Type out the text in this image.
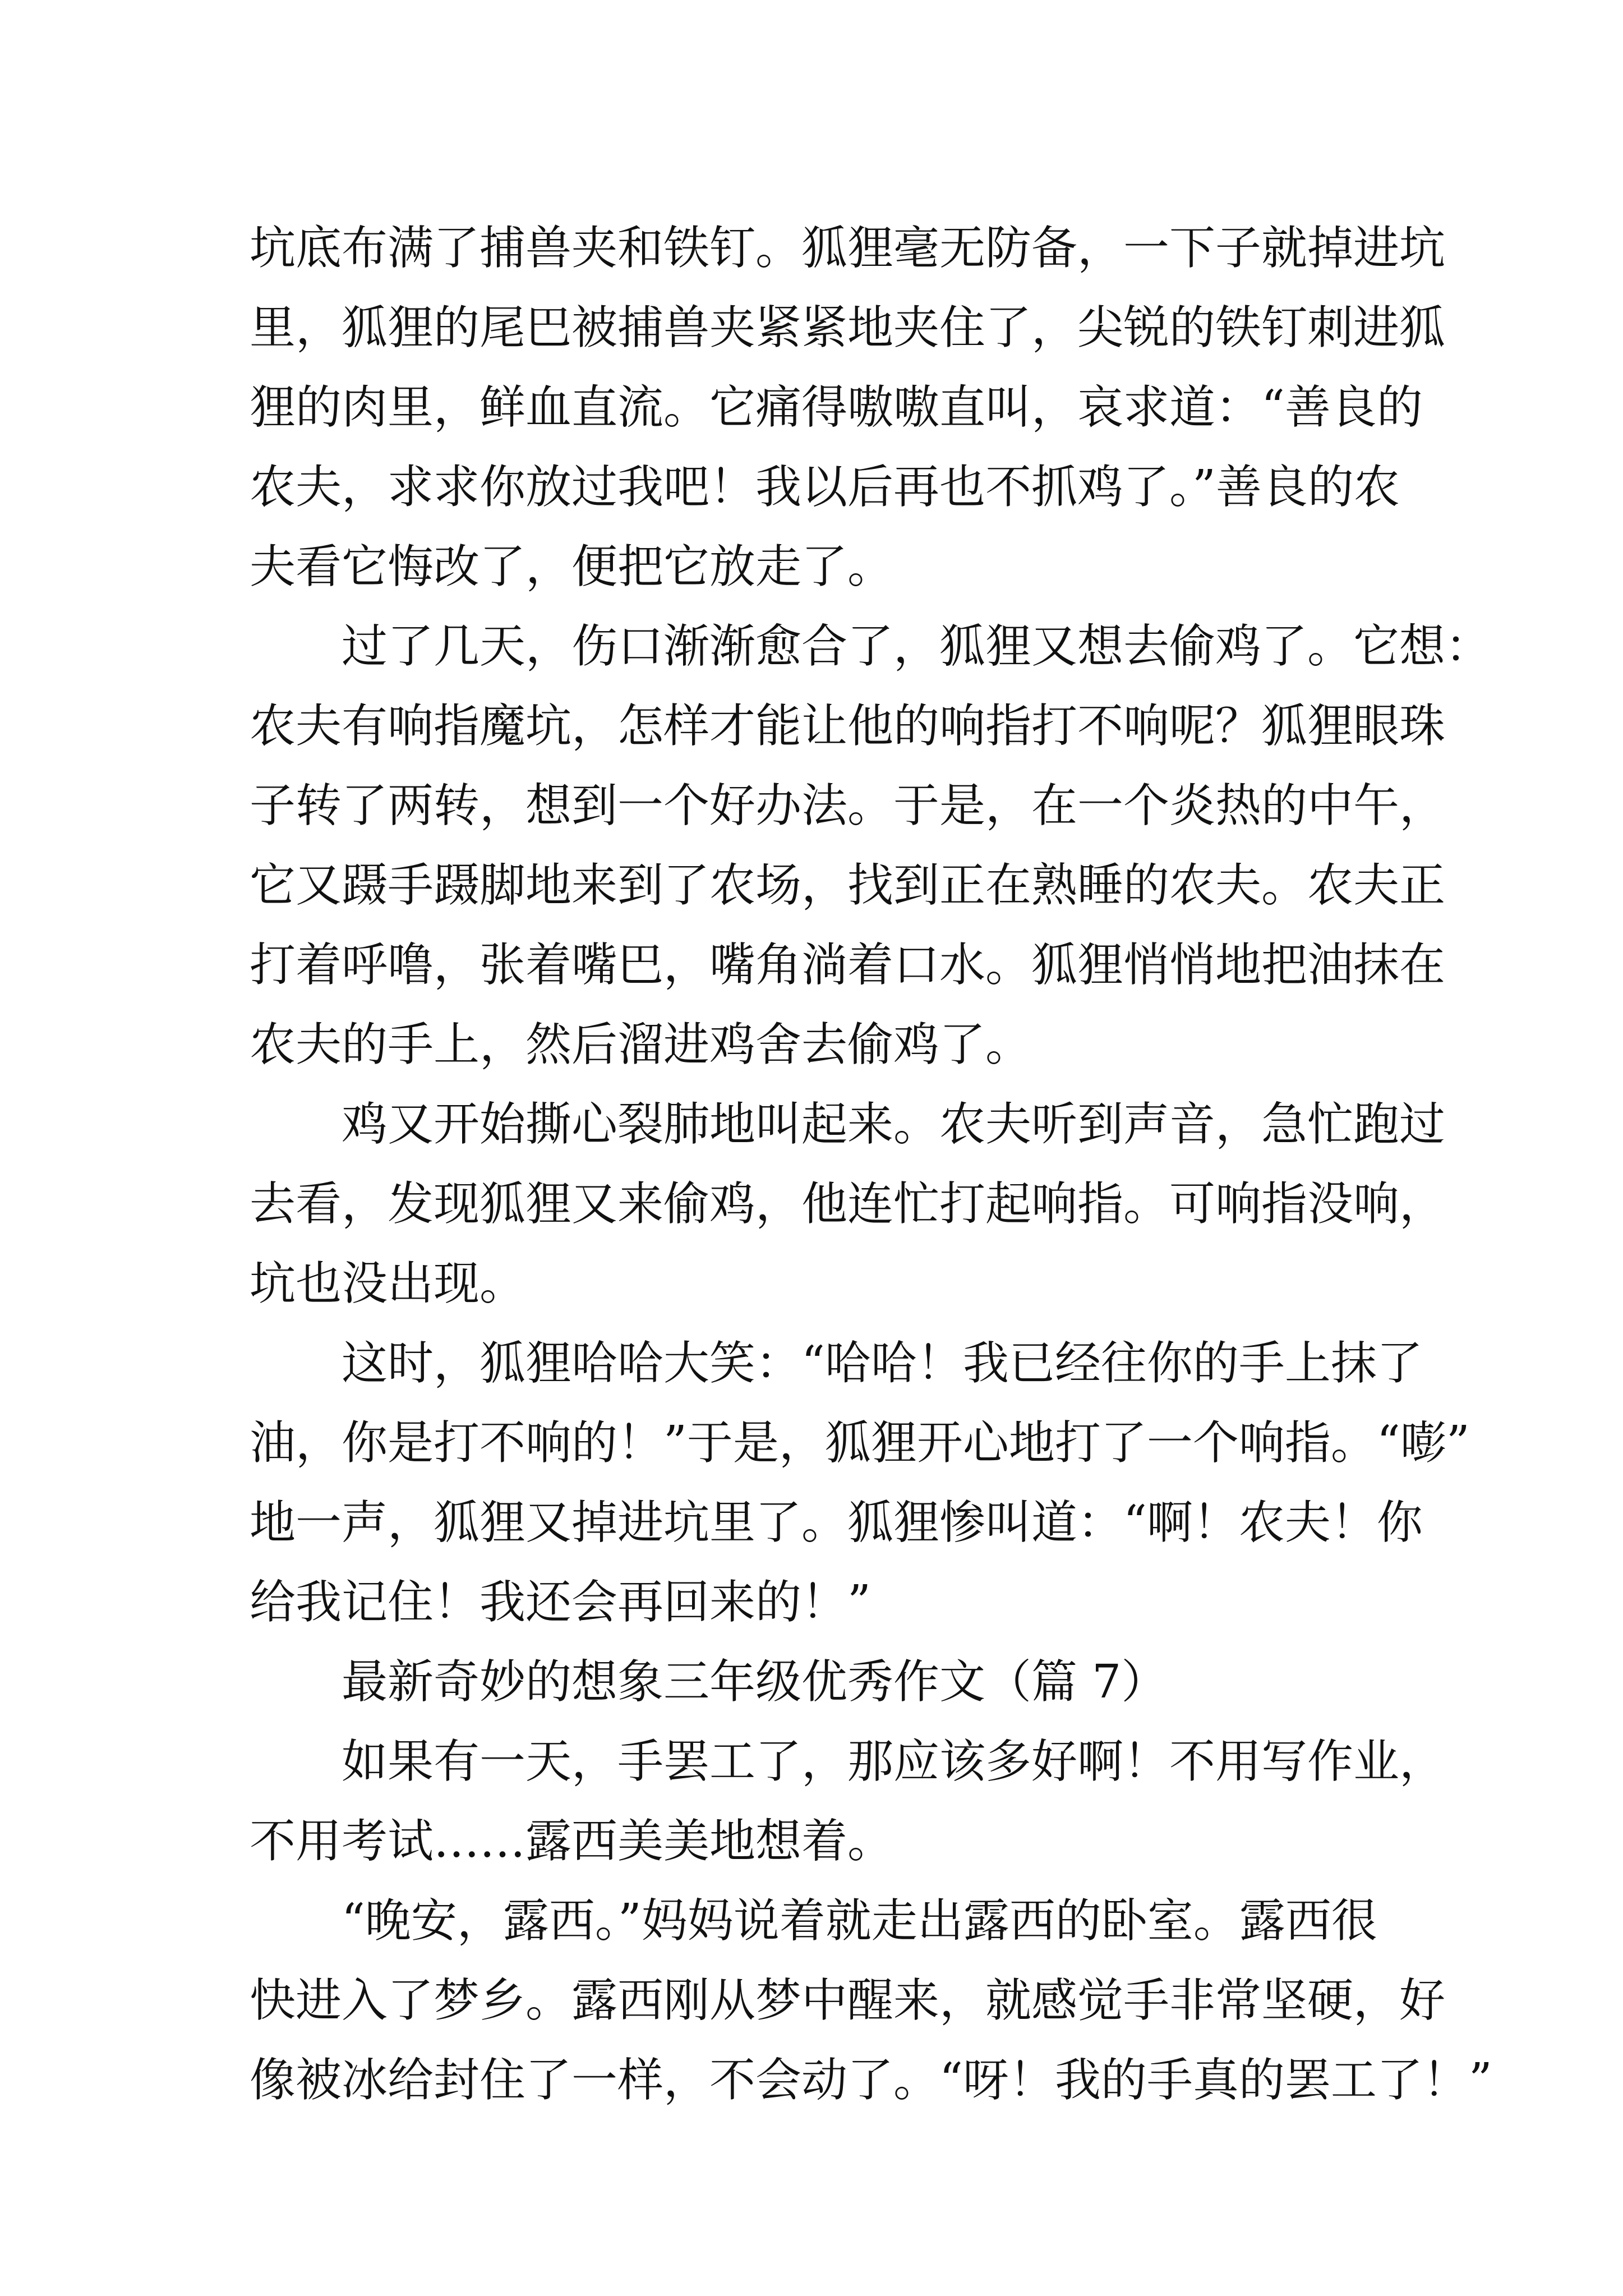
坑底布满了捕兽夹和铁钉。狐狸毫无防备，一下子就掉进坑
里，狐狸的尾巴被捕兽夹紧紧地夹住了，尖锐的铁钉刺进狐
狸的肉里，鲜血直流。它痛得嗷嗷直叫，哀求道：“善良的
农夫，求求你放过我吧！我以后再也不抓鸡了。”善良的农
夫看它悔改了，便把它放走了。
　　过了几天，伤口渐渐愈合了，狐狸又想去偷鸡了。它想：
农夫有响指魔坑，怎样才能让他的响指打不响呢？狐狸眼珠
子转了两转，想到一个好办法。于是，在一个炎热的中午，
它又蹑手蹑脚地来到了农场，找到正在熟睡的农夫。农夫正
打着呼噜，张着嘴巴，嘴角淌着口水。狐狸悄悄地把油抹在
农夫的手上，然后溜进鸡舍去偷鸡了。
　　鸡又开始撕心裂肺地叫起来。农夫听到声音，急忙跑过
去看，发现狐狸又来偷鸡，他连忙打起响指。可响指没响，
坑也没出现。
　　这时，狐狸哈哈大笑：“哈哈！我已经往你的手上抹了
油，你是打不响的！”于是，狐狸开心地打了一个响指。“嘭”
地一声，狐狸又掉进坑里了。狐狸惨叫道：“啊！农夫！你
给我记住！我还会再回来的！”
　　最新奇妙的想象三年级优秀作文（篇 7）
　　如果有一天，手罢工了，那应该多好啊！不用写作业，
不用考试……露西美美地想着。
　　“晚安，露西。”妈妈说着就走出露西的卧室。露西很
快进入了梦乡。露西刚从梦中醒来，就感觉手非常坚硬，好
像被冰给封住了一样，不会动了。“呀！我的手真的罢工了！”
